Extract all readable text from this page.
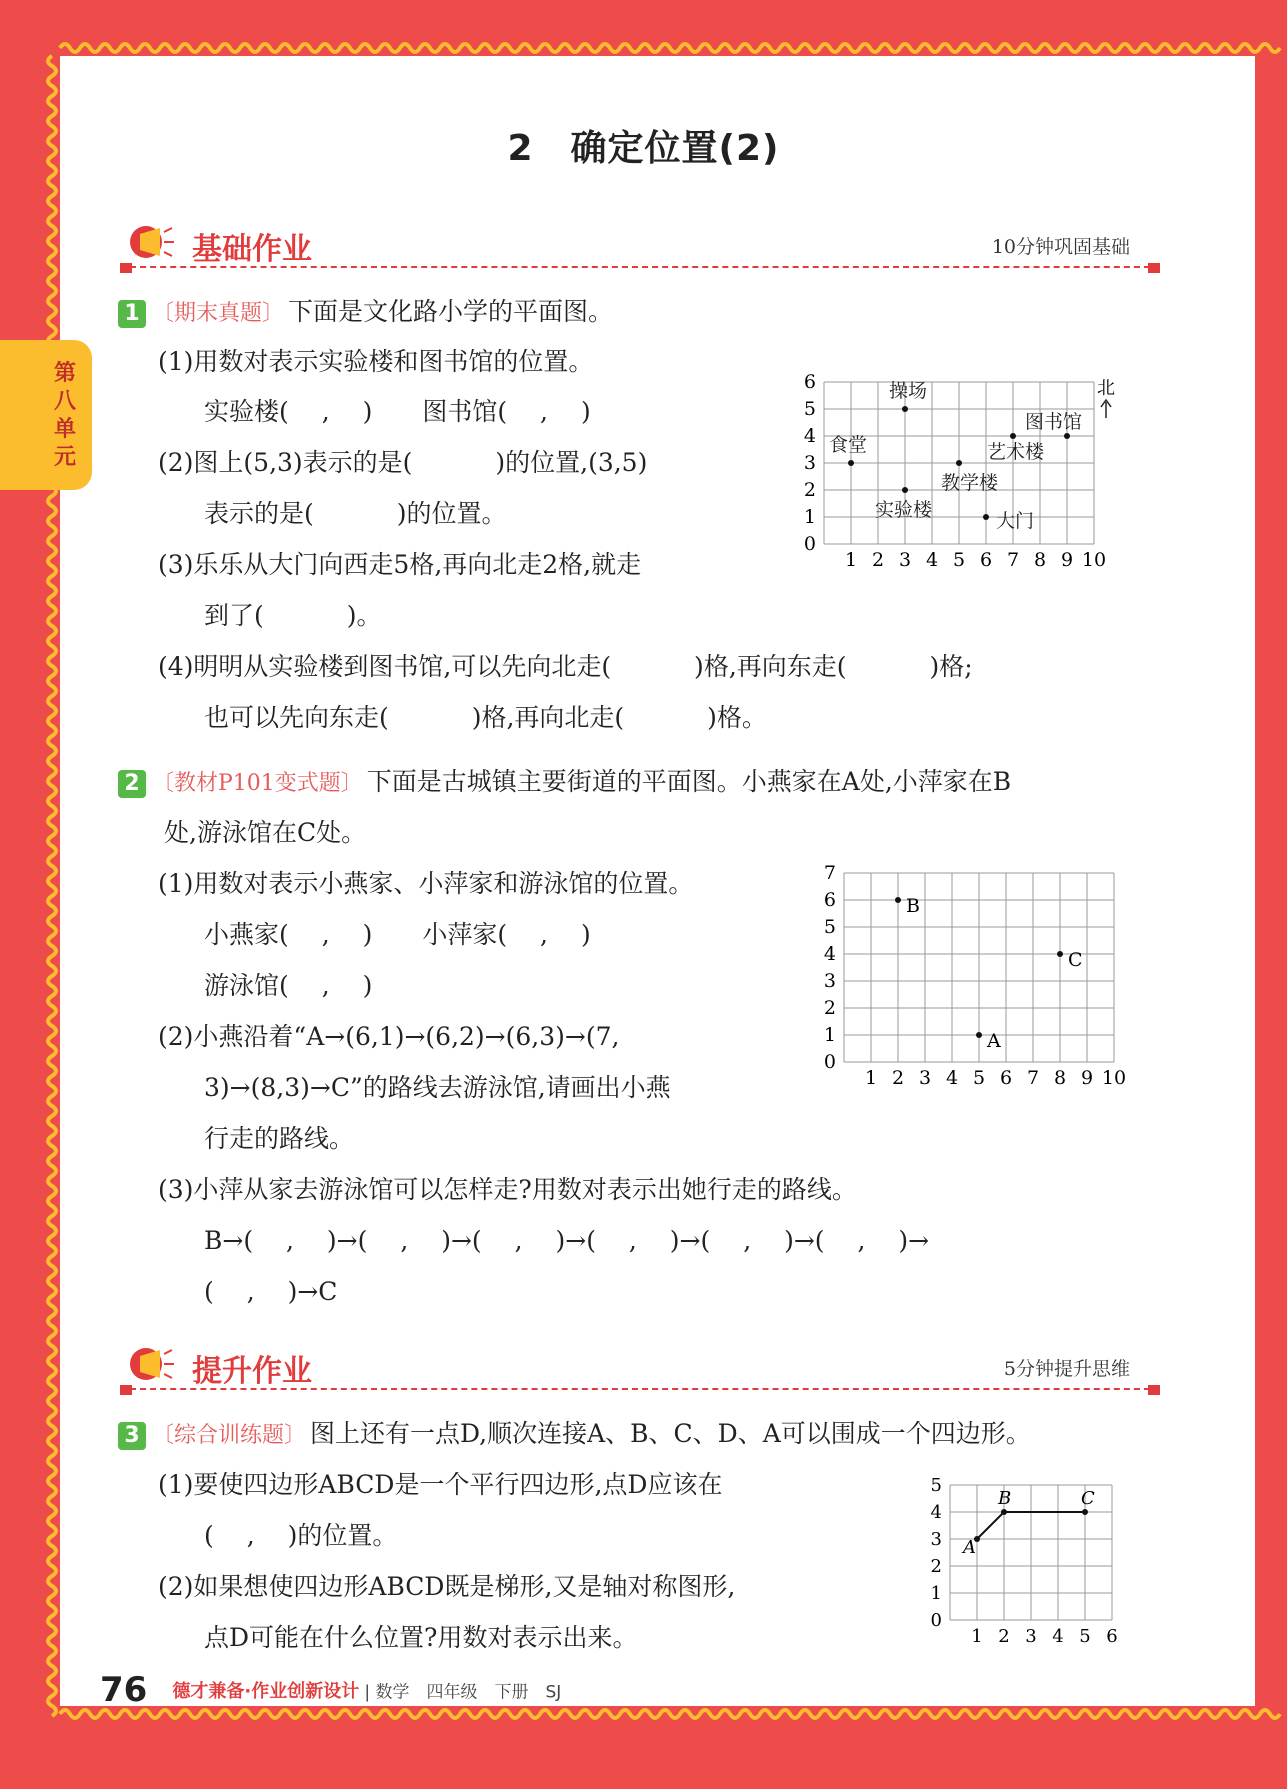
2　确定位置(2)
第八单元
基础作业	10分钟巩固基础
1 〔期末真题〕 下面是文化路小学的平面图。
(1)用数对表示实验楼和图书馆的位置。
实验楼(　 ,　 )　　图书馆(　 ,　 )
(2)图上(5,3)表示的是(　　　 )的位置,(3,5)
表示的是(　　　 )的位置。
(3)乐乐从大门向西走5格,再向北走2格,就走
到了(　　　 )。
(4)明明从实验楼到图书馆,可以先向北走(　　　 )格,再向东走(　　　 )格;
也可以先向东走(　　　 )格,再向北走(　　　 )格。
1 2 3 4 5 6 7 8 9 10
0
1
2
3
4
5
6	操场
食堂
实验楼
教学楼
艺术楼
图书馆
大门
北
2 〔教材P101变式题〕 下面是古城镇主要街道的平面图。小燕家在A处,小萍家在B
处,游泳馆在C处。
(1)用数对表示小燕家、小萍家和游泳馆的位置。
小燕家(　 ,　 )　　小萍家(　 ,　 )
游泳馆(　 ,　 )
(2)小燕沿着“A→(6,1)→(6,2)→(6,3)→(7,
3)→(8,3)→C”的路线去游泳馆,请画出小燕
行走的路线。
(3)小萍从家去游泳馆可以怎样走?用数对表示出她行走的路线。
B→(　 ,　 )→(　 ,　 )→(　 ,　 )→(　 ,　 )→(　 ,　 )→(　 ,　 )→
(　 ,　 )→C
1 2 3 4 5 6 7 8 9 10
0
1
2
3
4
5
6
7
B
C
A
提升作业	5分钟提升思维
3 〔综合训练题〕 图上还有一点D,顺次连接A、B、C、D、A可以围成一个四边形。
(1)要使四边形ABCD是一个平行四边形,点D应该在
(　 ,　 )的位置。
(2)如果想使四边形ABCD既是梯形,又是轴对称图形,
点D可能在什么位置?用数对表示出来。	1 2 3 4 5 6
0
1
2
3
4
5
A
B	C
76 德才兼备·作业创新设计 | 数学　四年级　下册　SJ
